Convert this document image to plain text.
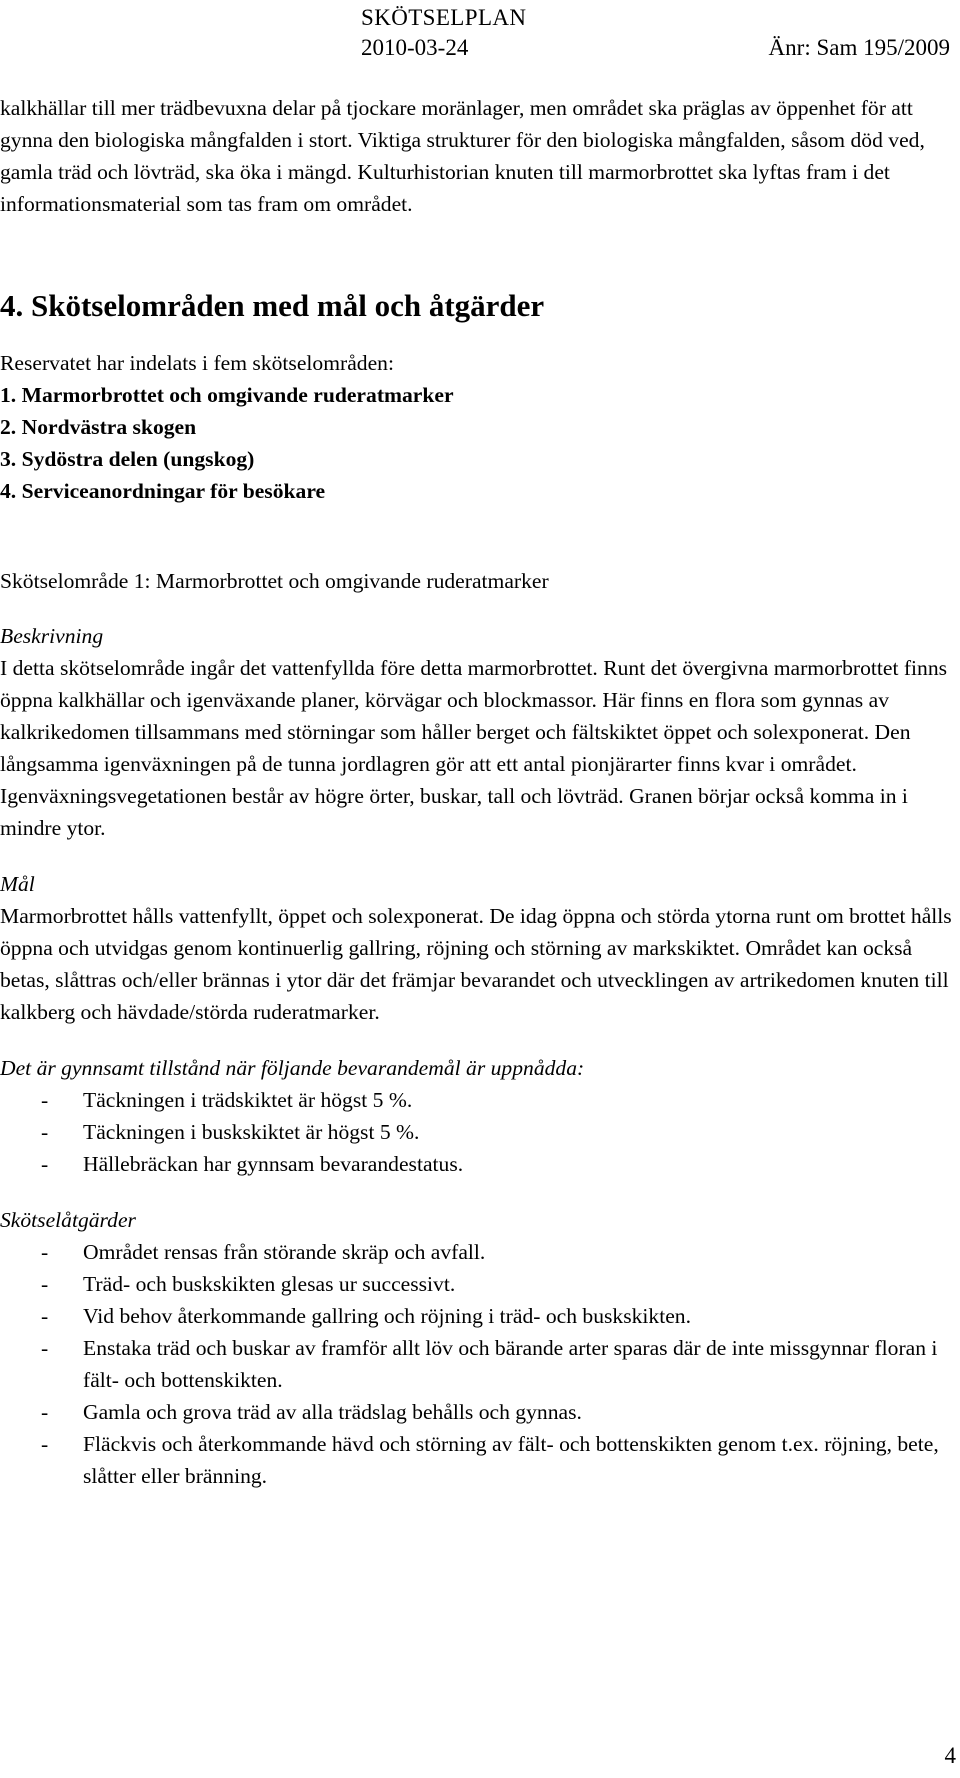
SKÖTSELPLAN
2010-03-24	Änr: Sam 195/2009

kalkhällar till mer trädbevuxna delar på tjockare moränlager, men området ska präglas av öppenhet för att gynna den biologiska mångfalden i stort. Viktiga strukturer för den biologiska mångfalden, såsom död ved, gamla träd och lövträd, ska öka i mängd. Kulturhistorian knuten till marmorbrottet ska lyftas fram i det informationsmaterial som tas fram om området.

4. Skötselområden med mål och åtgärder

Reservatet har indelats i fem skötselområden:

1. Marmorbrottet och omgivande ruderatmarker
2. Nordvästra skogen
3. Sydöstra delen (ungskog)
4. Serviceanordningar för besökare

Skötselområde 1: Marmorbrottet och omgivande ruderatmarker

Beskrivning

I detta skötselområde ingår det vattenfyllda före detta marmorbrottet. Runt det övergivna marmorbrottet finns öppna kalkhällar och igenväxande planer, körvägar och blockmassor. Här finns en flora som gynnas av kalkrikedomen tillsammans med störningar som håller berget och fältskiktet öppet och solexponerat. Den långsamma igenväxningen på de tunna jordlagren gör att ett antal pionjärarter finns kvar i området. Igenväxningsvegetationen består av högre örter, buskar, tall och lövträd. Granen börjar också komma in i mindre ytor.

Mål

Marmorbrottet hålls vattenfyllt, öppet och solexponerat. De idag öppna och störda ytorna runt om brottet hålls öppna och utvidgas genom kontinuerlig gallring, röjning och störning av markskiktet. Området kan också betas, slåttras och/eller brännas i ytor där det främjar bevarandet och utvecklingen av artrikedomen knuten till kalkberg och hävdade/störda ruderatmarker.

Det är gynnsamt tillstånd när följande bevarandemål är uppnådda:

- Täckningen i trädskiktet är högst 5 %.
- Täckningen i buskskiktet är högst 5 %.
- Hällebräckan har gynnsam bevarandestatus.

Skötselåtgärder

- Området rensas från störande skräp och avfall.
- Träd- och buskskikten glesas ur successivt.
- Vid behov återkommande gallring och röjning i träd- och buskskikten.
- Enstaka träd och buskar av framför allt löv och bärande arter sparas där de inte missgynnar floran i fält- och bottenskikten.
- Gamla och grova träd av alla trädslag behålls och gynnas.
- Fläckvis och återkommande hävd och störning av fält- och bottenskikten genom t.ex. röjning, bete, slåtter eller bränning.
4
